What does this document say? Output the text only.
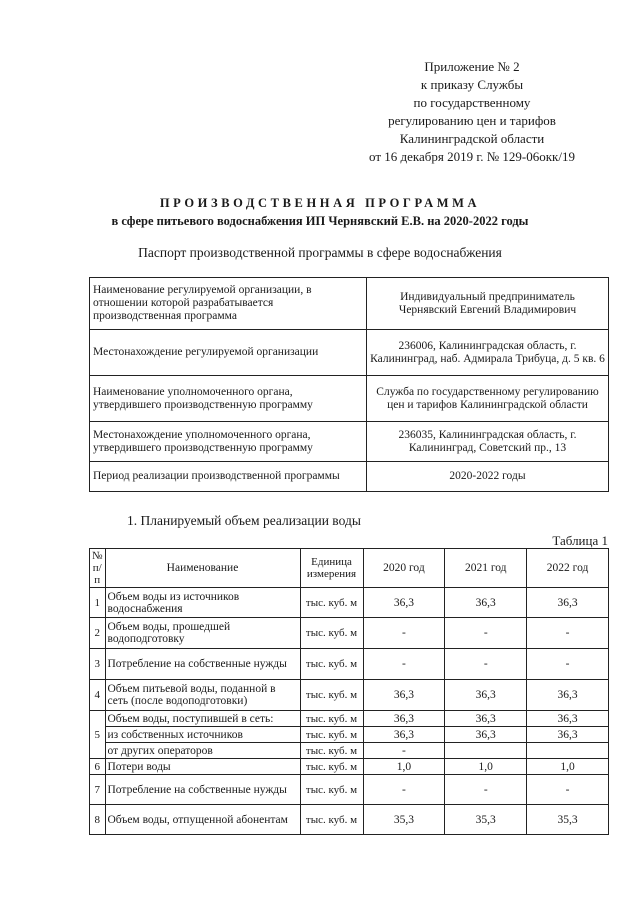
Приложение № 2
к приказу Службы
по государственному
регулированию цен и тарифов
Калининградской области
от 16 декабря 2019 г. № 129-06окк/19
ПРОИЗВОДСТВЕННАЯ ПРОГРАММА
в сфере питьевого водоснабжения ИП Чернявский Е.В. на 2020-2022 годы
Паспорт производственной программы в сфере водоснабжения
Наименование регулируемой организации, в отношении которой разрабатывается производственная программа	Индивидуальный предприниматель Чернявский Евгений Владимирович
Местонахождение регулируемой организации	236006, Калининградская область, г. Калининград, наб. Адмирала Трибуца, д. 5 кв. 6
Наименование уполномоченного органа, утвердившего производственную программу	Служба по государственному регулированию цен и тарифов Калининградской области
Местонахождение уполномоченного органа, утвердившего производственную программу	236035, Калининградская область, г. Калининград, Советский пр., 13
Период реализации производственной программы	2020-2022 годы
1. Планируемый объем реализации воды
Таблица 1
№ п/п	Наименование	Единица измерения	2020 год	2021 год	2022 год
1	Объем воды из источников водоснабжения	тыс. куб. м	36,3	36,3	36,3
2	Объем воды, прошедшей водоподготовку	тыс. куб. м	-	-	-
3	Потребление на собственные нужды	тыс. куб. м	-	-	-
4	Объем питьевой воды, поданной в сеть (после водоподготовки)	тыс. куб. м	36,3	36,3	36,3
5	Объем воды, поступившей в сеть:	тыс. куб. м	36,3	36,3	36,3
	из собственных источников	тыс. куб. м	36,3	36,3	36,3
	от других операторов	тыс. куб. м	-		
6	Потери воды	тыс. куб. м	1,0	1,0	1,0
7	Потребление на собственные нужды	тыс. куб. м	-	-	-
8	Объем воды, отпущенной абонентам	тыс. куб. м	35,3	35,3	35,3
